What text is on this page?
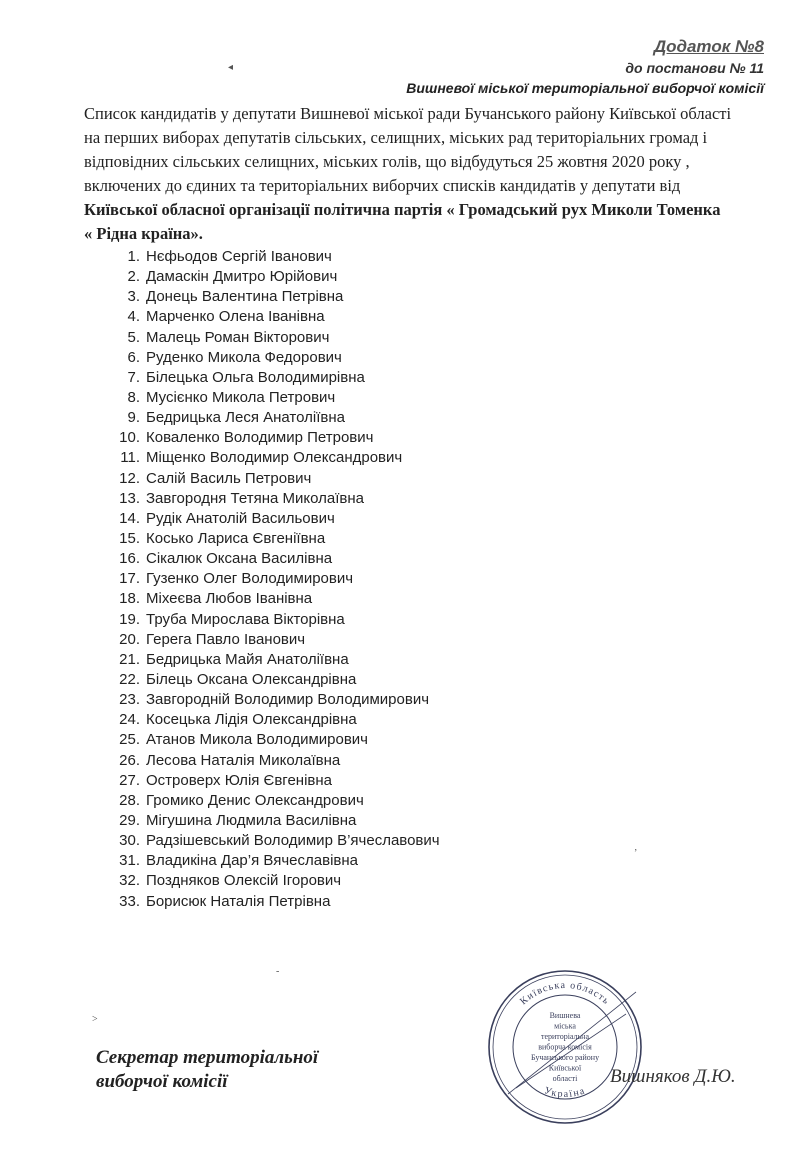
Додаток №8
до постанови № 11
Вишневої міської територіальної виборчої комісії
◂
Список кандидатів у депутати Вишневої міської ради Бучанського району Київської області
на перших виборах депутатів сільських, селищних, міських рад територіальних громад і
відповідних сільських селищних, міських голів, що відбудуться 25 жовтня 2020 року ,
включених до єдиних та територіальних виборчих списків кандидатів у депутати від
Київської обласної організації політична партія « Громадський рух Миколи Томенка
« Рідна країна».
1. Нєфьодов Сергій Іванович
2. Дамаскін Дмитро Юрійович
3. Донець Валентина Петрівна
4. Марченко Олена Іванівна
5. Малець Роман Вікторович
6. Руденко Микола Федорович
7. Білецька Ольга Володимирівна
8. Мусієнко Микола Петрович
9. Бедрицька Леся Анатоліївна
10. Коваленко Володимир Петрович
11. Міщенко Володимир Олександрович
12. Салій Василь Петрович
13. Завгородня Тетяна Миколаївна
14. Рудік Анатолій Васильович
15. Косько Лариса Євгеніївна
16. Сікалюк Оксана Василівна
17. Гузенко Олег Володимирович
18. Міхеєва Любов Іванівна
19. Труба Мирослава Вікторівна
20. Герега Павло Іванович
21. Бедрицька Майя Анатоліївна
22. Білець Оксана Олександрівна
23. Завгородній Володимир Володимирович
24. Косецька Лідія Олександрівна
25. Атанов Микола Володимирович
26. Лесова Наталія Миколаївна
27. Островерх Юлія Євгенівна
28. Громико Денис Олександрович
29. Мігушина Людмила Василівна
30. Радзішевський Володимир В’ячеславович
31. Владикіна Дар’я Вячеславівна
32. Поздняков Олексій Ігорович
33. Борисюк Наталія Петрівна
ʼ
-
˃
Секретар територіальної
виборчої комісії
Київська область
Україна
Вишнева
міська
територіальна
виборча комісія
Бучанського району
Київської
області Вишняков Д.Ю.
